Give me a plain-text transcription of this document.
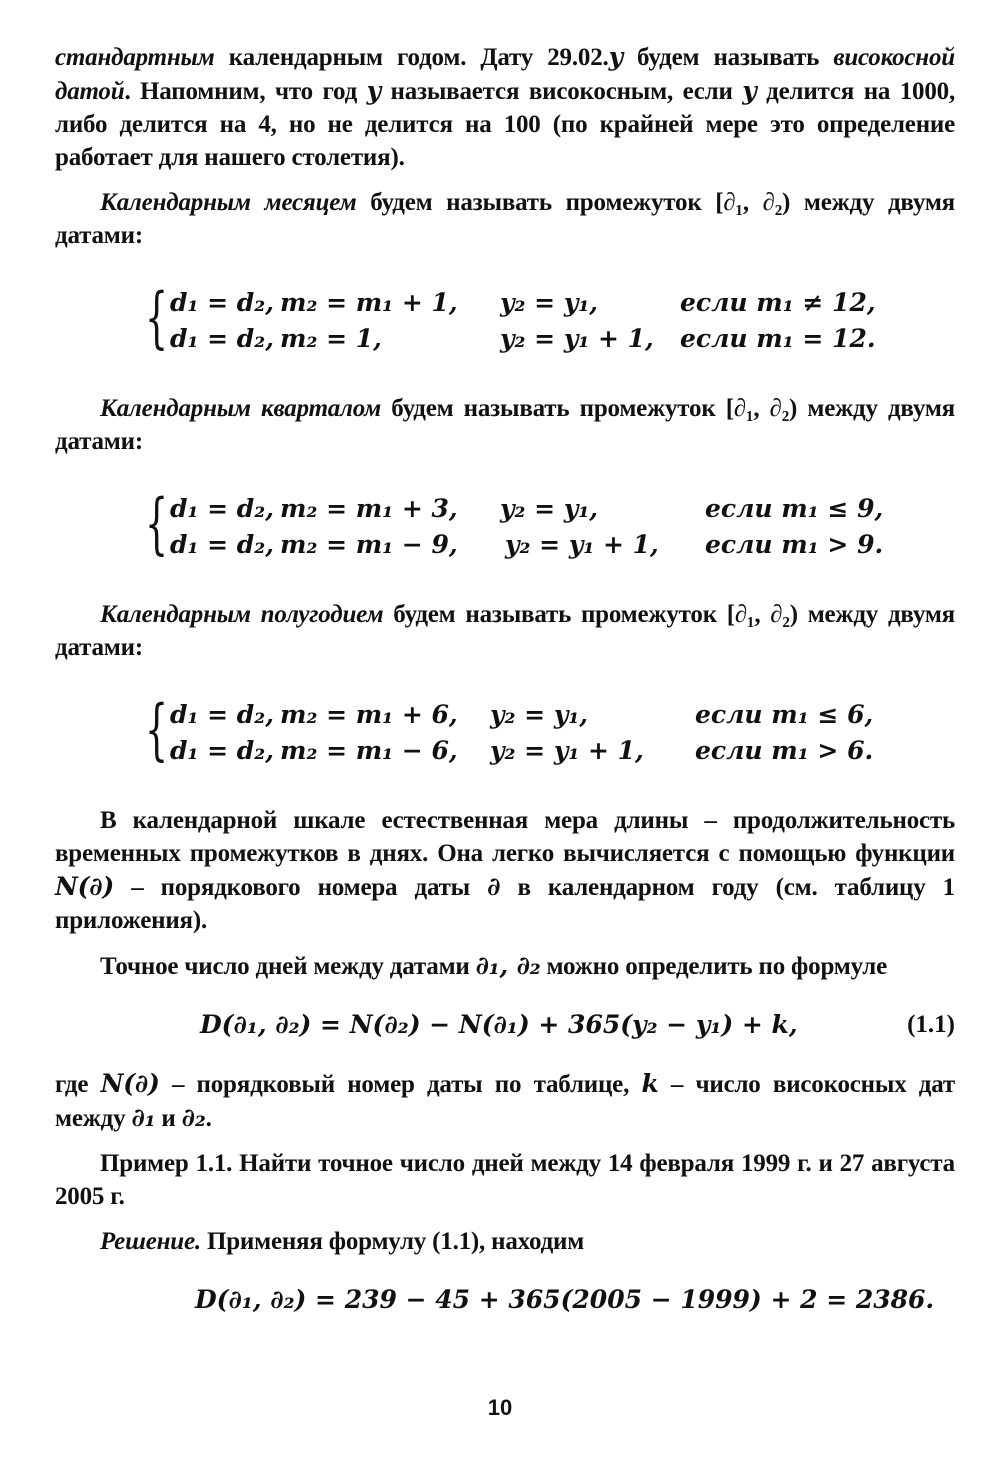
стандартным календарным годом. Дату 29.02.y будем называть високосной датой. Напомним, что год y называется високосным, если y делится на 1000, либо делится на 4, но не делится на 100 (по крайней мере это определение работает для нашего столетия).

Календарным месяцем будем называть промежуток [∂₁, ∂₂) между двумя датами:

{ d₁ = d₂, m₂ = m₁ + 1, y₂ = y₁,	если m₁ ≠ 12,
d₁ = d₂, m₂ = 1,	y₂ = y₁ + 1, если m₁ = 12.

Календарным кварталом будем называть промежуток [∂₁, ∂₂) между двумя датами:

{ d₁ = d₂, m₂ = m₁ + 3, y₂ = y₁,	если m₁ ≤ 9,
d₁ = d₂, m₂ = m₁ − 9, y₂ = y₁ + 1, если m₁ > 9.

Календарным полугодием будем называть промежуток [∂₁, ∂₂) между двумя датами:

{ d₁ = d₂, m₂ = m₁ + 6, y₂ = y₁,	если m₁ ≤ 6,
d₁ = d₂, m₂ = m₁ − 6, y₂ = y₁ + 1, если m₁ > 6.

В календарной шкале естественная мера длины – продолжительность временных промежутков в днях. Она легко вычисляется с помощью функции N(∂) – порядкового номера даты ∂ в календарном году (см. таблицу 1 приложения).

Точное число дней между датами ∂₁, ∂₂ можно определить по формуле

D(∂₁, ∂₂) = N(∂₂) − N(∂₁) + 365(y₂ − y₁) + k,	(1.1)

где N(∂) – порядковый номер даты по таблице, k – число високосных дат между ∂₁ и ∂₂.

Пример 1.1. Найти точное число дней между 14 февраля 1999 г. и 27 августа 2005 г.

Решение. Применяя формулу (1.1), находим

D(∂₁, ∂₂) = 239 − 45 + 365(2005 − 1999) + 2 = 2386.
10
